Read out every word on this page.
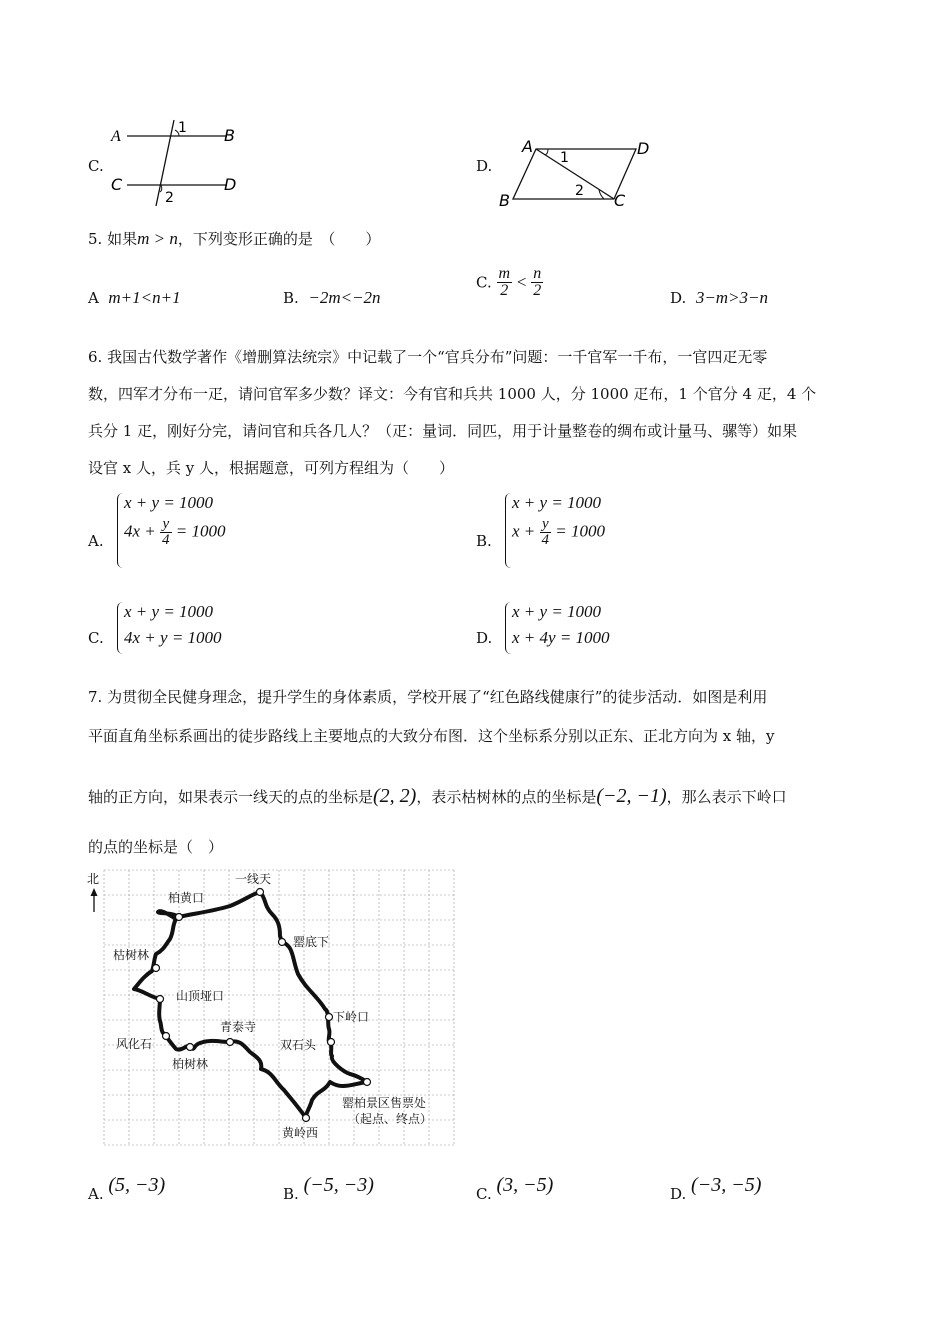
C.
A	B
C	D
1
2
D.
A	D
B	C
1
2
5. 如果m > n，下列变形正确的是　（　　）
A m+1<n+1	B. −2m<−2n
C. $\frac{m}{2} < \frac{n}{2}$	D. 3−m>3−n
6. 我国古代数学著作《增删算法统宗》中记载了一个“官兵分布”问题：一千官军一千布，一官四疋无零
数，四军才分布一疋，请问官军多少数？译文：今有官和兵共 1000 人，分 1000 疋布，1 个官分 4 疋，4 个
兵分 1 疋，刚好分完，请问官和兵各几人？（疋：量词．同匹，用于计量整卷的绸布或计量马、骡等）如果
设官 x 人，兵 y 人，根据题意，可列方程组为（　　）
A.
x + y = 1000
$4x + \frac{y}{4} = 1000$
B.
x + y = 1000
$x + \frac{y}{4} = 1000$
C.
x + y = 1000
4x + y = 1000	D.
x + y = 1000
x + 4y = 1000
7. 为贯彻全民健身理念，提升学生的身体素质，学校开展了“红色路线健康行”的徒步活动．如图是利用
平面直角坐标系画出的徒步路线上主要地点的大致分布图．这个坐标系分别以正东、正北方向为 x 轴，y
轴的正方向，如果表示一线天的点的坐标是(2, 2)，表示枯树林的点的坐标是(−2, −1)，那么表示下岭口
的点的坐标是（　）
北	一线天
柏黄口
罂底下
枯树林
山顶垭口
下岭口
青泰寺
双石头
风化石
柏树林
罂柏景区售票处
（起点、终点）
黄岭西
A. (5, −3)	B. (−5, −3)	C. (3, −5)	D. (−3, −5)
